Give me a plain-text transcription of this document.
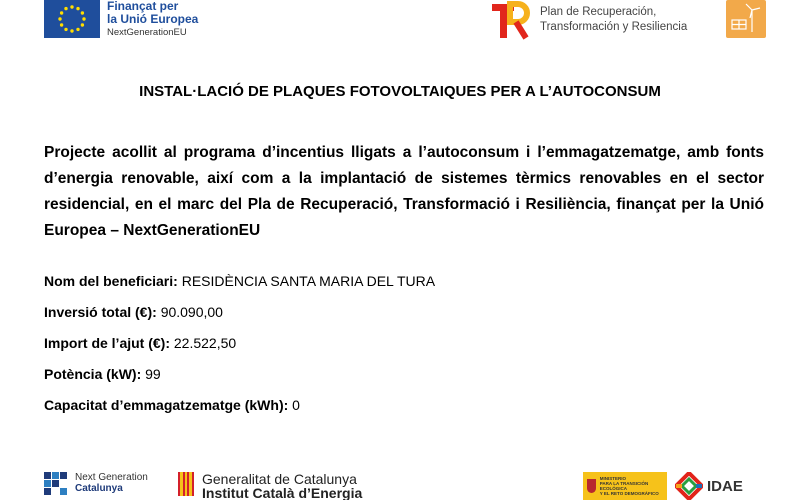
Finançat per
la Unió Europea
NextGenerationEU
Plan de Recuperación,
Transformación y Resiliencia
INSTAL·LACIÓ DE PLAQUES FOTOVOLTAIQUES PER A L’AUTOCONSUM

Projecte acollit al programa d’incentius lligats a l’autoconsum i l’emmagatzematge, amb fonts d’energia renovable, així com a la implantació de sistemes tèrmics renovables en el sector residencial, en el marc del Pla de Recuperació, Transformació i Resiliència, finançat per la Unió Europea – NextGenerationEU

Nom del beneficiari: RESIDÈNCIA SANTA MARIA DEL TURA
Inversió total (€): 90.090,00
Import de l’ajut (€): 22.522,50
Potència (kW): 99
Capacitat d’emmagatzematge (kWh): 0
Next Generation
Catalunya
Generalitat de Catalunya
Institut Català d’Energia
MINISTERIO
PARA LA TRANSICIÓN ECOLÓGICA
Y EL RETO DEMOGRÁFICO	IDAE
